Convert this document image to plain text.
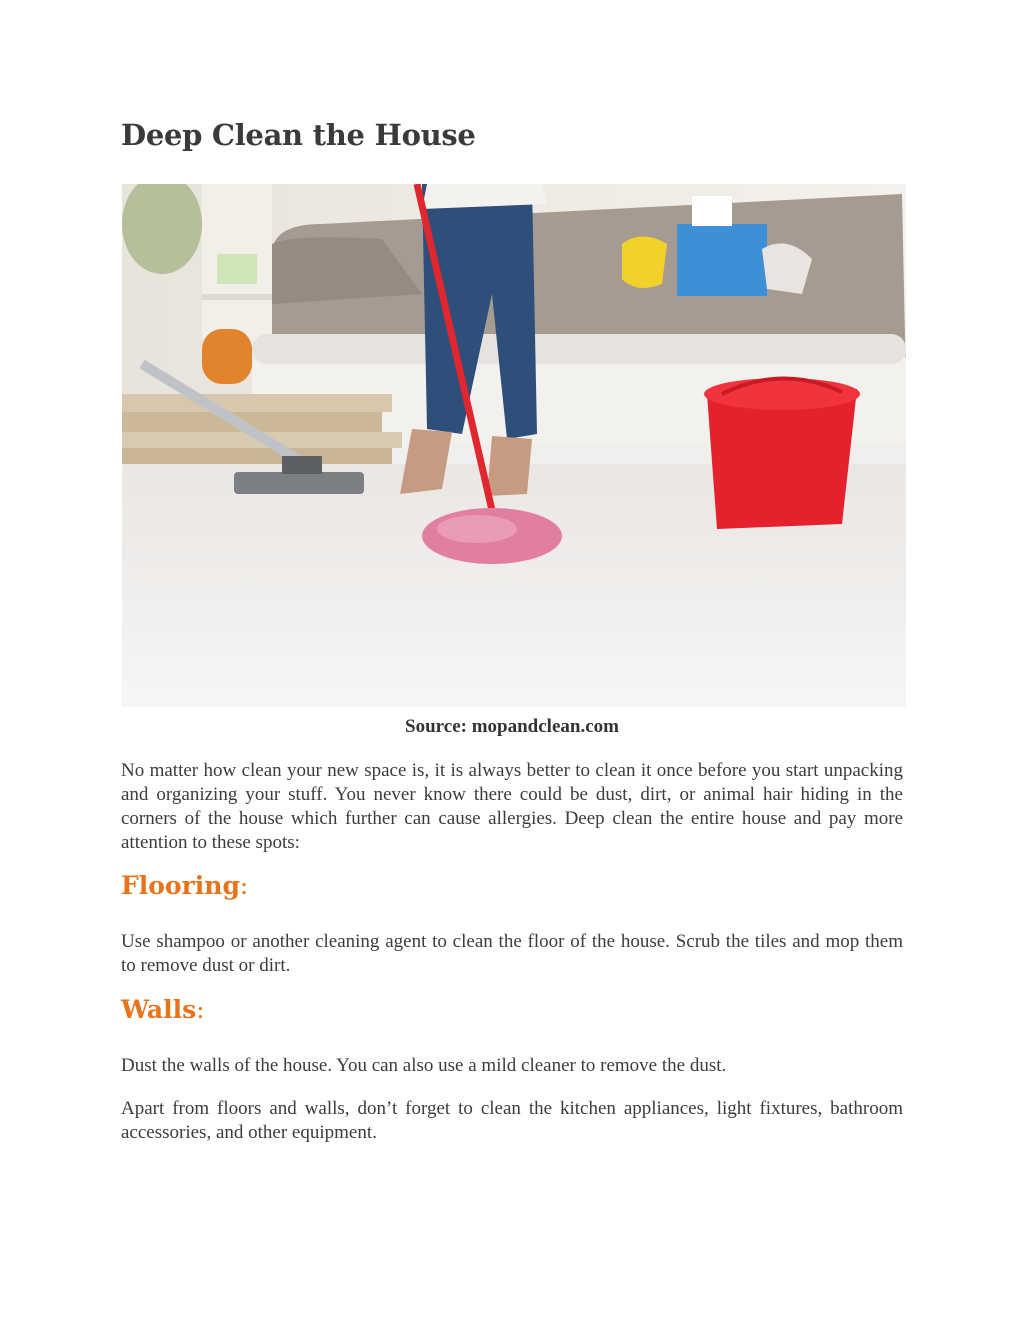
Deep Clean the House
Source: mopandclean.com

No matter how clean your new space is, it is always better to clean it once before you start unpacking and organizing your stuff. You never know there could be dust, dirt, or animal hair hiding in the corners of the house which further can cause allergies. Deep clean the entire house and pay more attention to these spots:

Flooring:

Use shampoo or another cleaning agent to clean the floor of the house. Scrub the tiles and mop them to remove dust or dirt.

Walls:

Dust the walls of the house. You can also use a mild cleaner to remove the dust.

Apart from floors and walls, don’t forget to clean the kitchen appliances, light fixtures, bathroom accessories, and other equipment.
